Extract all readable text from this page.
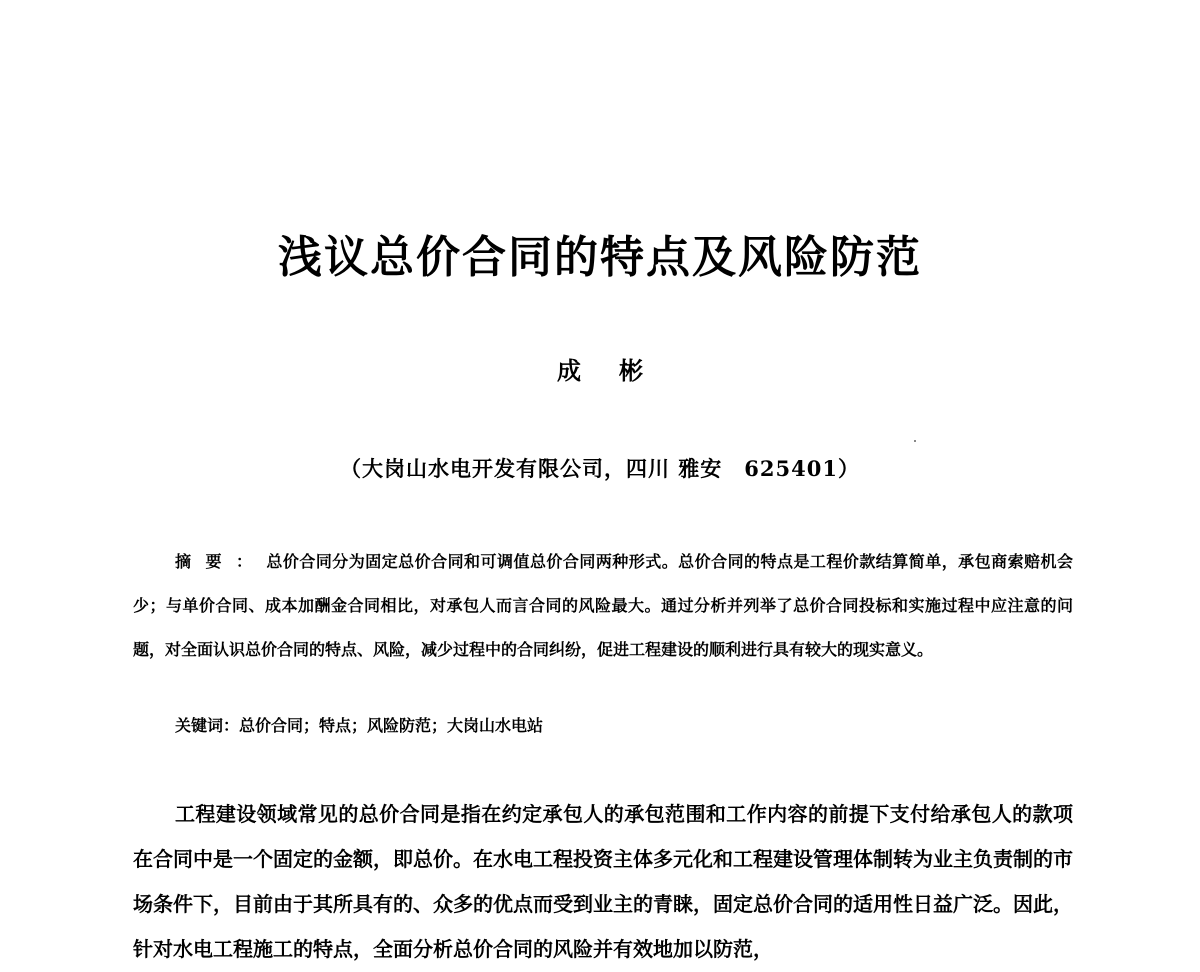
浅议总价合同的特点及风险防范
成 彬
（大岗山水电开发有限公司，四川 雅安　625401）
摘要：总价合同分为固定总价合同和可调值总价合同两种形式。总价合同的特点是工程价款结算简单，承包商索赔机会少；与单价合同、成本加酬金合同相比，对承包人而言合同的风险最大。通过分析并列举了总价合同投标和实施过程中应注意的问题，对全面认识总价合同的特点、风险，减少过程中的合同纠纷，促进工程建设的顺利进行具有较大的现实意义。
关键词：总价合同；特点；风险防范；大岗山水电站
工程建设领域常见的总价合同是指在约定承包人的承包范围和工作内容的前提下支付给承包人的款项在合同中是一个固定的金额，即总价。在水电工程投资主体多元化和工程建设管理体制转为业主负责制的市场条件下，目前由于其所具有的、众多的优点而受到业主的青睐，固定总价合同的适用性日益广泛。因此，针对水电工程施工的特点，全面分析总价合同的风险并有效地加以防范，
